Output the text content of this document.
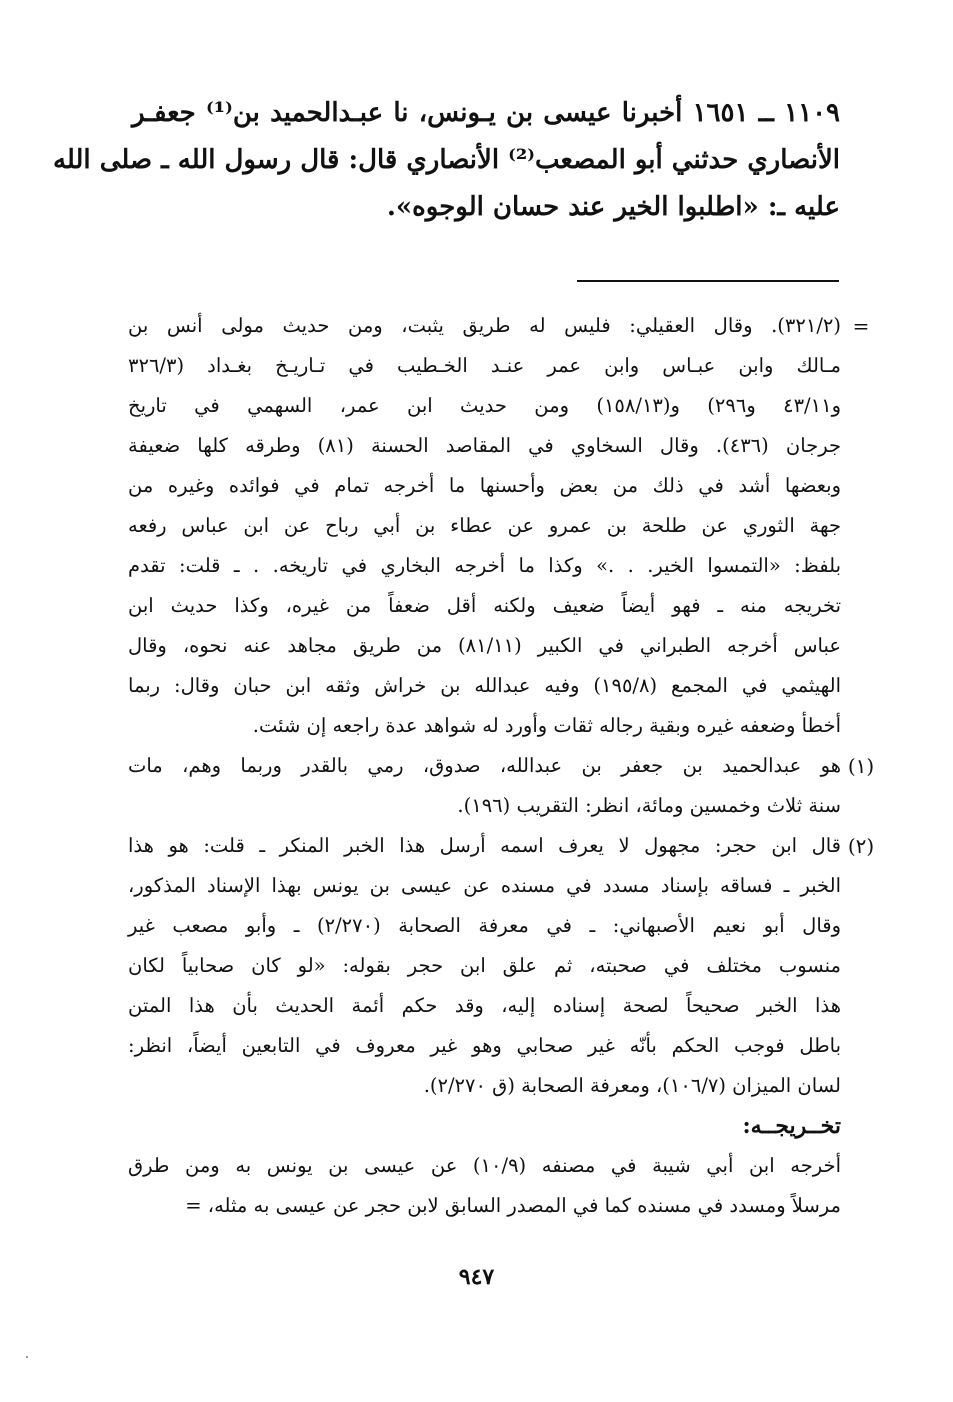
١١٠٩ ــ ١٦٥١ أخبرنا عيسى بن يـونس، نا عبـدالحميد بن⁽¹⁾ جعفـر
الأنصاري حدثني أبو المصعب⁽²⁾ الأنصاري قال: قال رسول الله ـ صلى الله
عليه ـ: «اطلبوا الخير عند حسان الوجوه».
=
(٣٢١/٢). وقال العقيلي: فليس له طريق يثبت، ومن حديث مولى أنس بن
مـالك وابن عبـاس وابن عمر عنـد الخـطيب في تـاريـخ بغـداد (٣٢٦/٣
و٤٣/١١ و٢٩٦) و(١٥٨/١٣) ومن حديث ابن عمر، السهمي في تاريخ
جرجان (٤٣٦). وقال السخاوي في المقاصد الحسنة (٨١) وطرقه كلها ضعيفة
وبعضها أشد في ذلك من بعض وأحسنها ما أخرجه تمام في فوائده وغيره من
جهة الثوري عن طلحة بن عمرو عن عطاء بن أبي رباح عن ابن عباس رفعه
بلفظ: «التمسوا الخير. . .» وكذا ما أخرجه البخاري في تاريخه. . ـ قلت: تقدم
تخريجه منه ـ فهو أيضاً ضعيف ولكنه أقل ضعفاً من غيره، وكذا حديث ابن
عباس أخرجه الطبراني في الكبير (٨١/١١) من طريق مجاهد عنه نحوه، وقال
الهيثمي في المجمع (١٩٥/٨) وفيه عبدالله بن خراش وثقه ابن حبان وقال: ربما
أخطأ وضعفه غيره وبقية رجاله ثقات وأورد له شواهد عدة راجعه إن شئت.
(١)
هو عبدالحميد بن جعفر بن عبدالله، صدوق، رمي بالقدر وربما وهم، مات
سنة ثلاث وخمسين ومائة، انظر: التقريب (١٩٦).
(٢)
قال ابن حجر: مجهول لا يعرف اسمه أرسل هذا الخبر المنكر ـ قلت: هو هذا
الخبر ـ فساقه بإسناد مسدد في مسنده عن عيسى بن يونس بهذا الإسناد المذكور،
وقال أبو نعيم الأصبهاني: ـ في معرفة الصحابة (٢/٢٧٠) ـ وأبو مصعب غير
منسوب مختلف في صحبته، ثم علق ابن حجر بقوله: «لو كان صحابياً لكان
هذا الخبر صحيحاً لصحة إسناده إليه، وقد حكم أئمة الحديث بأن هذا المتن
باطل فوجب الحكم بأنّه غير صحابي وهو غير معروف في التابعين أيضاً، انظر:
لسان الميزان (١٠٦/٧)، ومعرفة الصحابة (ق ٢/٢٧٠).
تخــريجــه:
أخرجه ابن أبي شيبة في مصنفه (١٠/٩) عن عيسى بن يونس به ومن طرق
مرسلاً ومسدد في مسنده كما في المصدر السابق لابن حجر عن عيسى به مثله، =
٩٤٧
